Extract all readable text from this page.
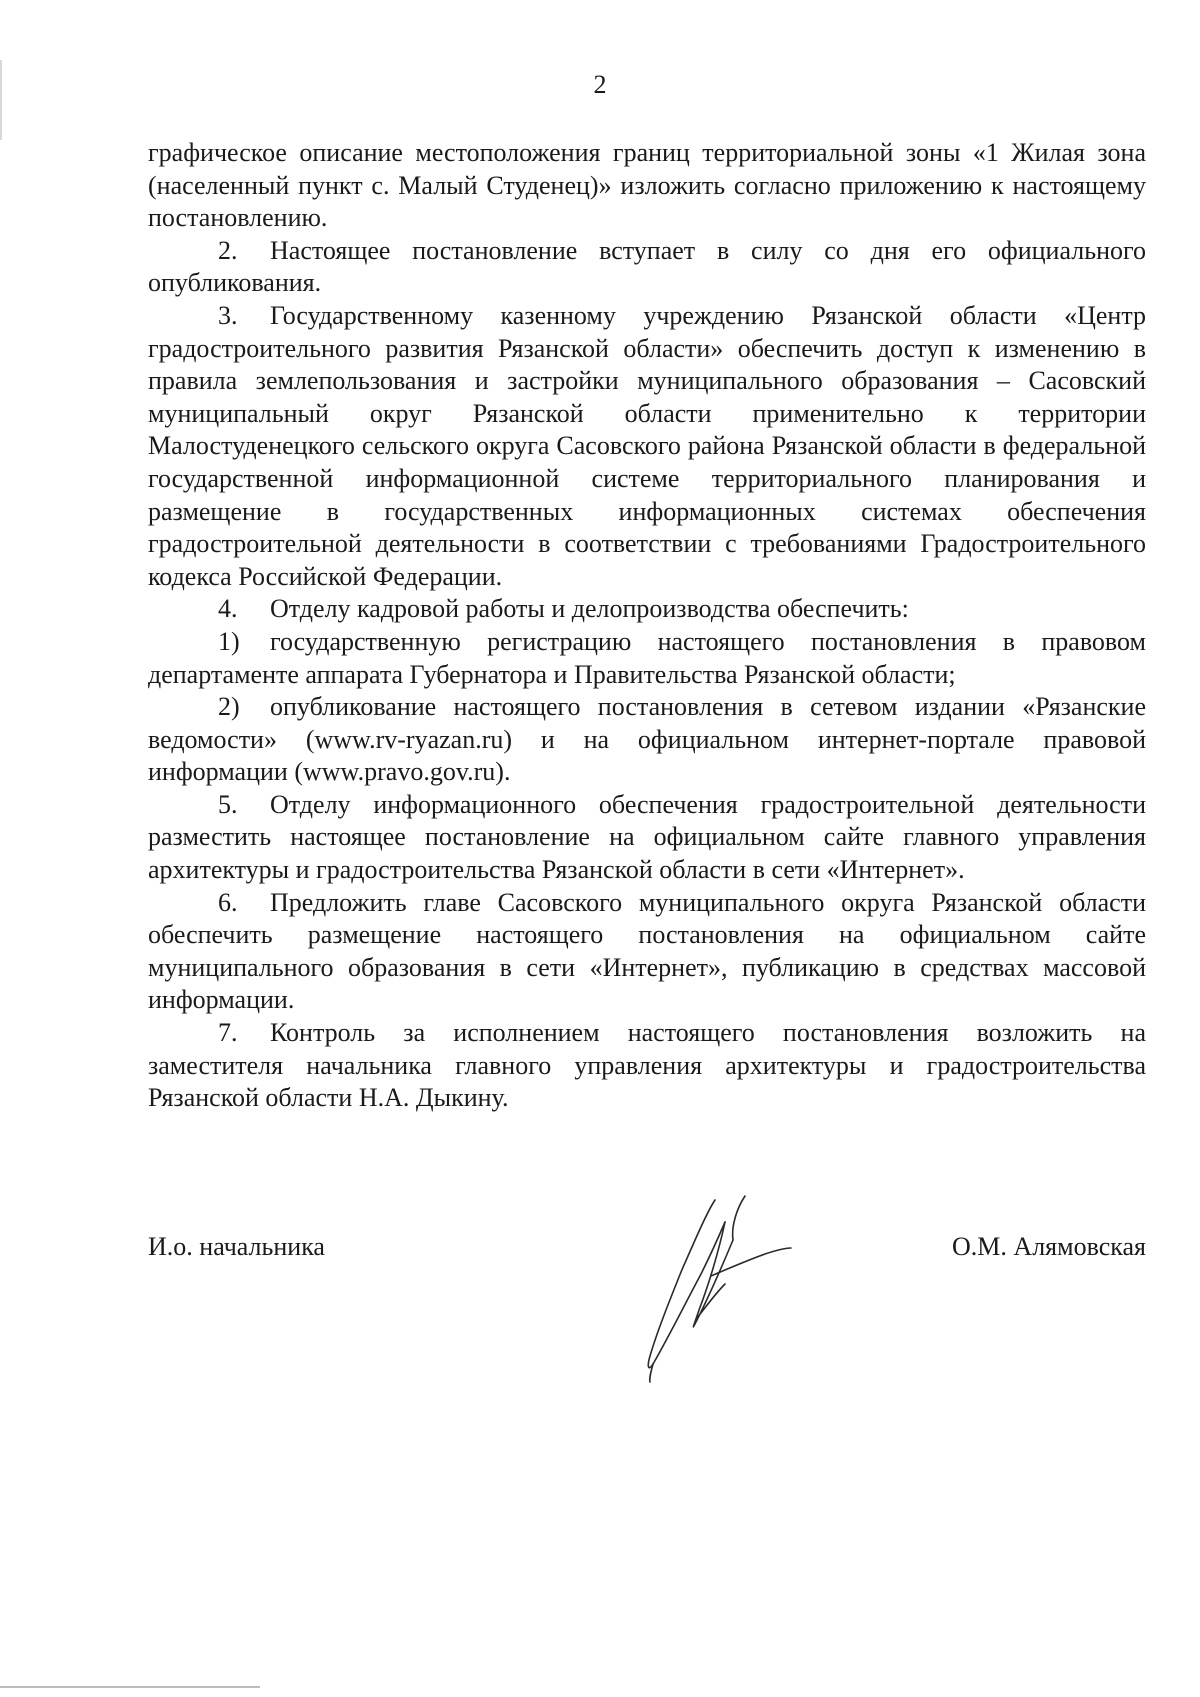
2

графическое описание местоположения границ территориальной зоны «1 Жилая зона (населенный пункт с. Малый Студенец)» изложить согласно приложению к настоящему постановлению.

2. Настоящее постановление вступает в силу со дня его официального опубликования.

3. Государственному казенному учреждению Рязанской области «Центр градостроительного развития Рязанской области» обеспечить доступ к изменению в правила землепользования и застройки муниципального образования – Сасовский муниципальный округ Рязанской области применительно к территории Малостуденецкого сельского округа Сасовского района Рязанской области в федеральной государственной информационной системе территориального планирования и размещение в государственных информационных системах обеспечения градостроительной деятельности в соответствии с требованиями Градостроительного кодекса Российской Федерации.

4. Отделу кадровой работы и делопроизводства обеспечить:

1) государственную регистрацию настоящего постановления в правовом департаменте аппарата Губернатора и Правительства Рязанской области;

2) опубликование настоящего постановления в сетевом издании «Рязанские ведомости» (www.rv-ryazan.ru) и на официальном интернет-портале правовой информации (www.pravo.gov.ru).

5. Отделу информационного обеспечения градостроительной деятельности разместить настоящее постановление на официальном сайте главного управления архитектуры и градостроительства Рязанской области в сети «Интернет».

6. Предложить главе Сасовского муниципального округа Рязанской области обеспечить размещение настоящего постановления на официальном сайте муниципального образования в сети «Интернет», публикацию в средствах массовой информации.

7. Контроль за исполнением настоящего постановления возложить на заместителя начальника главного управления архитектуры и градостроительства Рязанской области Н.А. Дыкину.

И.о. начальника	О.М. Алямовская
